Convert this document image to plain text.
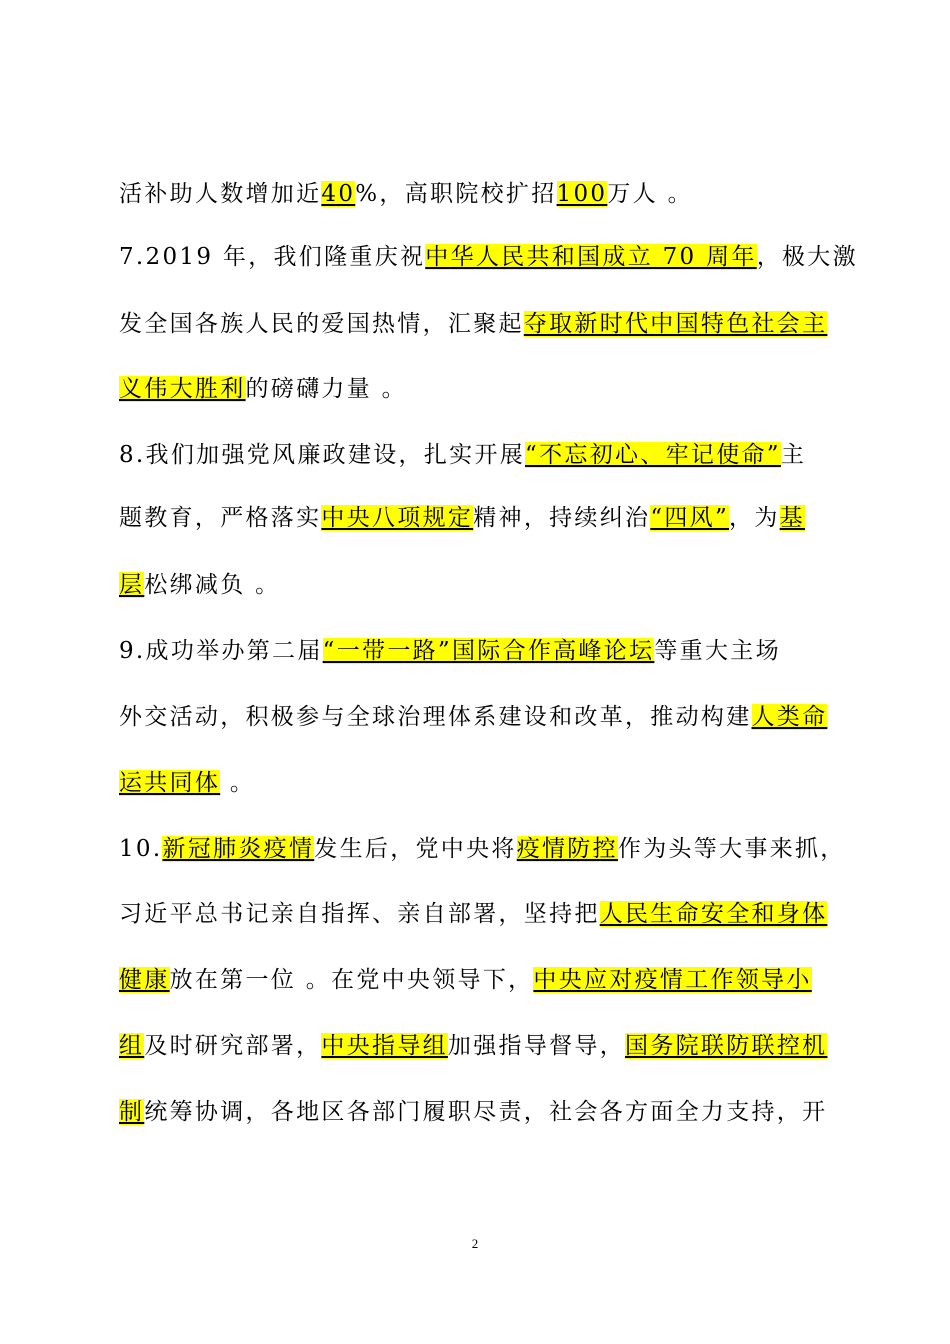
活补助人数增加近40%，高职院校扩招100万人 。
7.2019 年，我们隆重庆祝中华人民共和国成立 70 周年，极大激
发全国各族人民的爱国热情，汇聚起夺取新时代中国特色社会主
义伟大胜利的磅礴力量 。
8.我们加强党风廉政建设，扎实开展“不忘初心、牢记使命”主
题教育，严格落实中央八项规定精神，持续纠治“四风”，为基
层松绑减负 。
9.成功举办第二届“一带一路”国际合作高峰论坛等重大主场
外交活动，积极参与全球治理体系建设和改革，推动构建人类命
运共同体 。
10.新冠肺炎疫情发生后，党中央将疫情防控作为头等大事来抓，
习近平总书记亲自指挥、亲自部署，坚持把人民生命安全和身体
健康放在第一位 。在党中央领导下，中央应对疫情工作领导小
组及时研究部署，中央指导组加强指导督导，国务院联防联控机
制统筹协调，各地区各部门履职尽责，社会各方面全力支持，开
2
